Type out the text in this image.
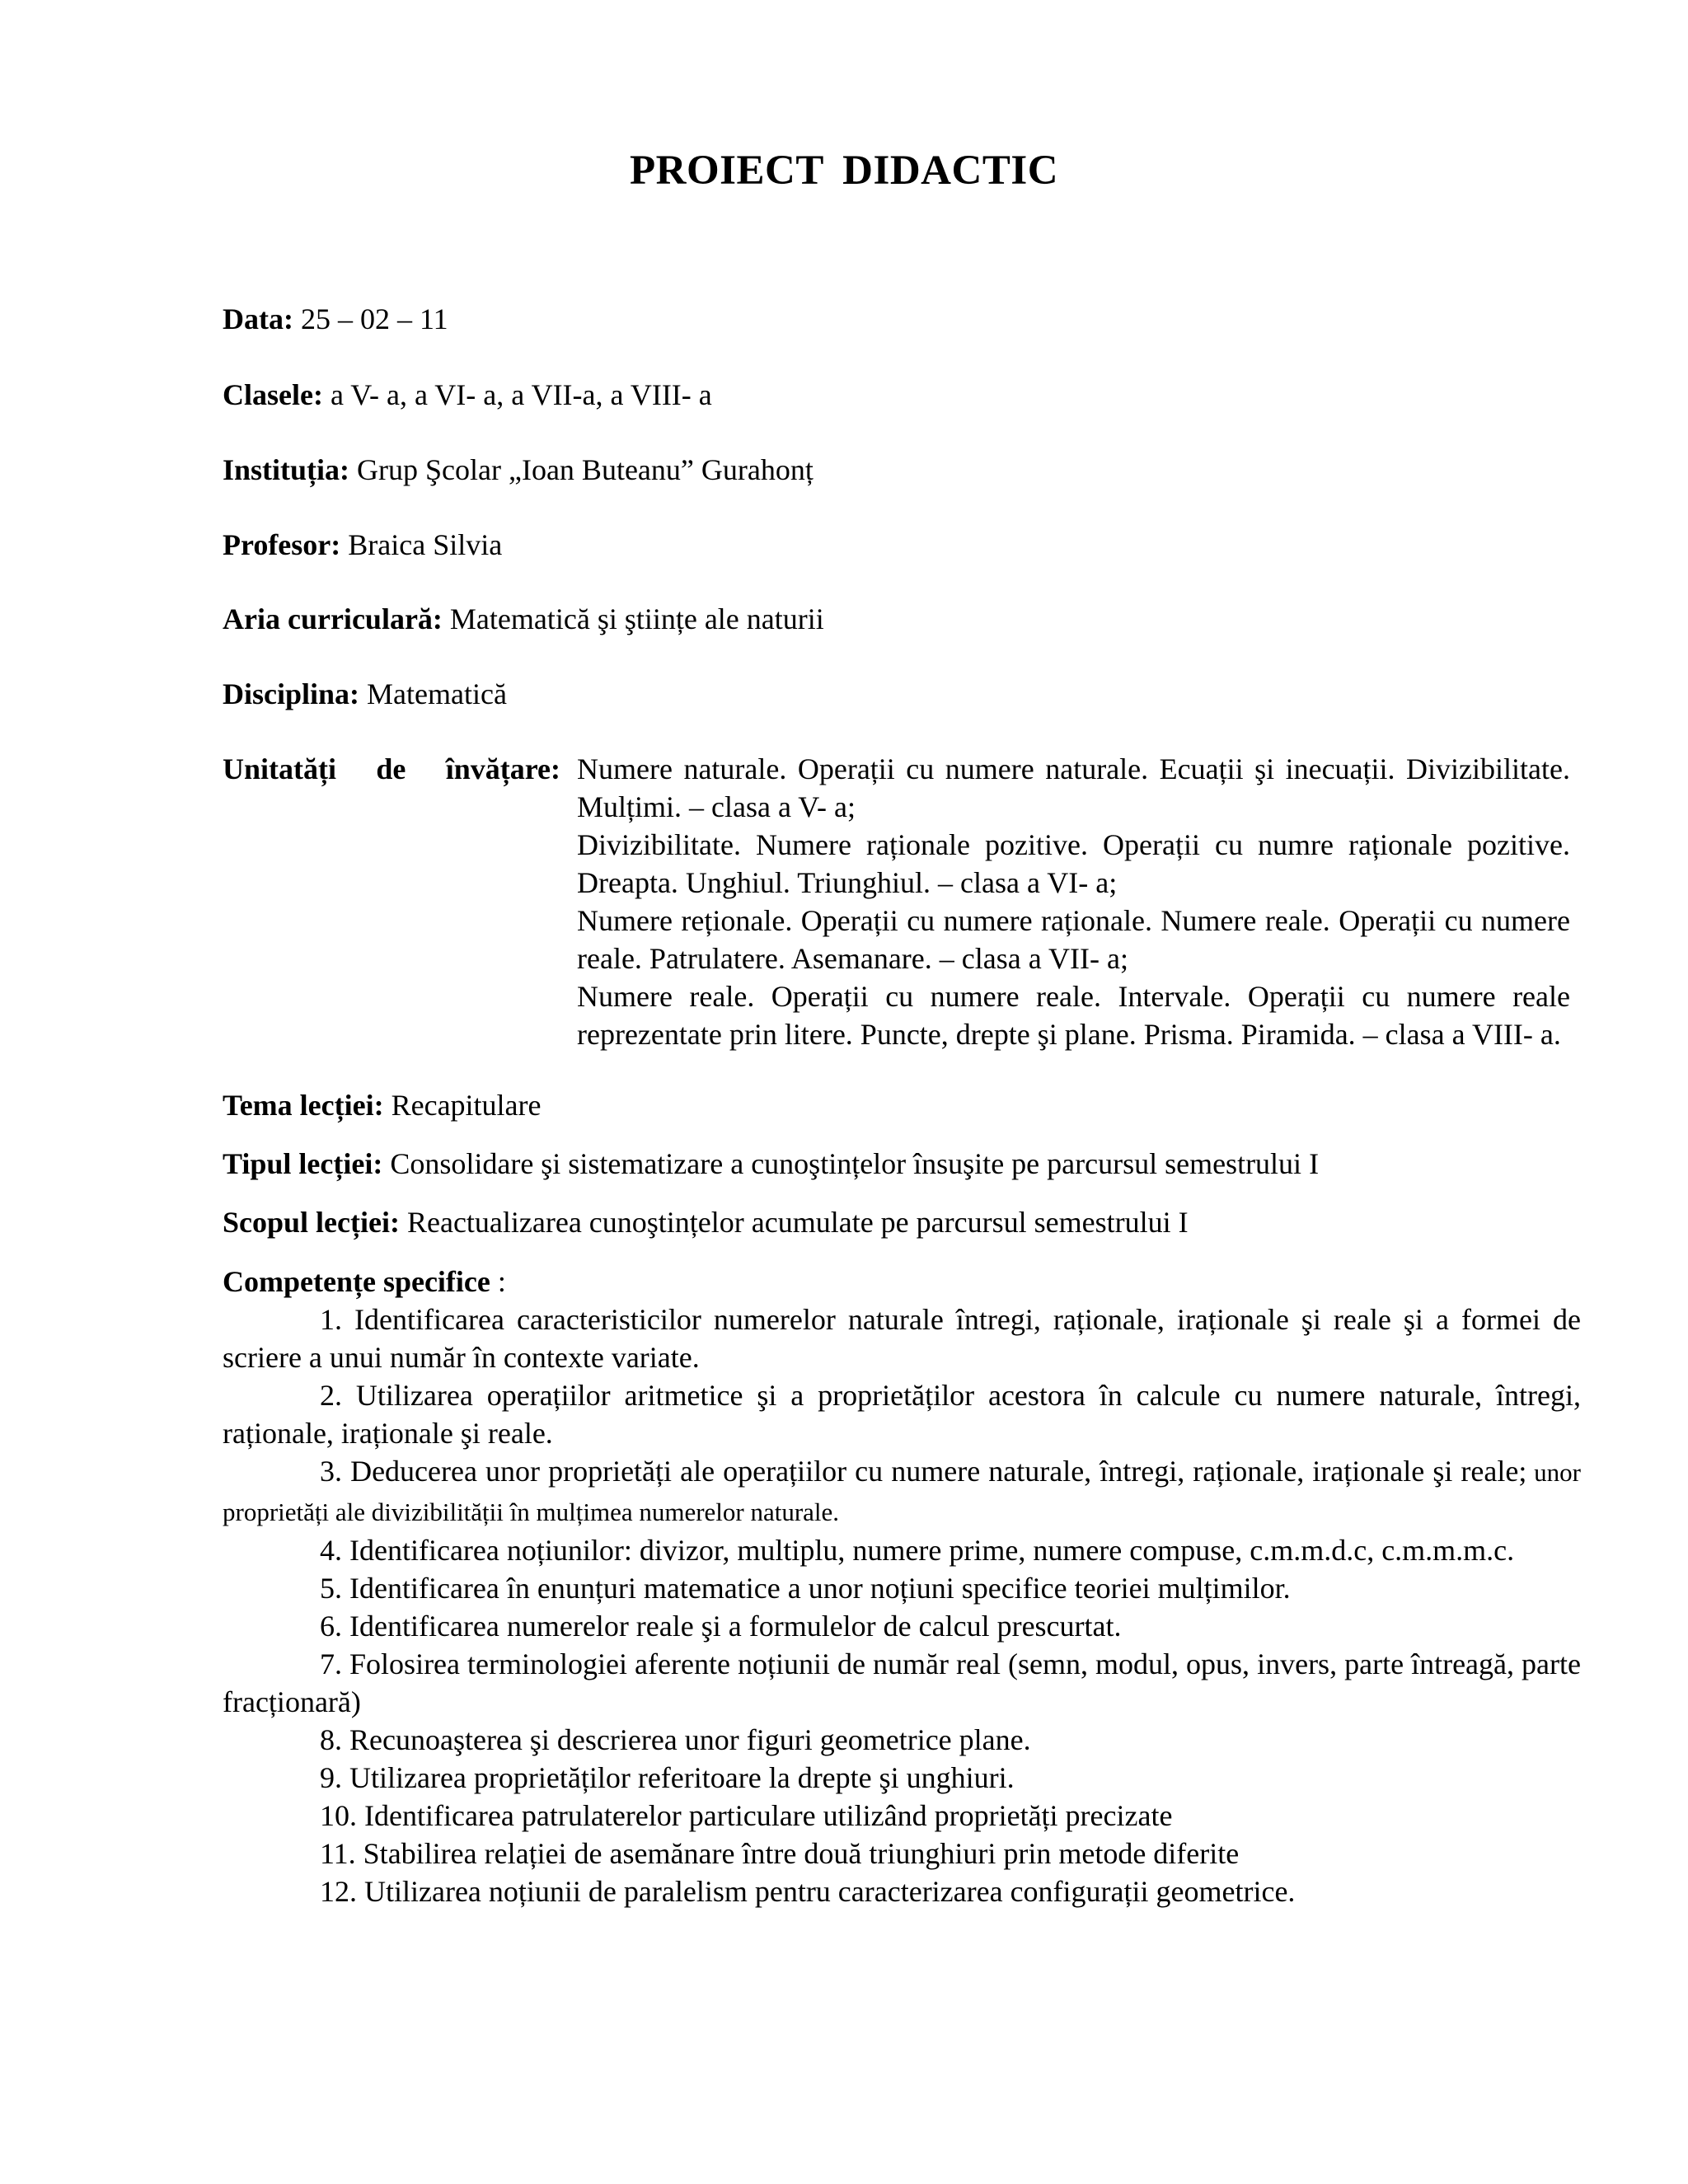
PROIECT DIDACTIC
Data: 25 – 02 – 11
Clasele: a V- a, a VI- a, a VII-a, a VIII- a
Instituția: Grup Şcolar „Ioan Buteanu” Gurahonț
Profesor: Braica Silvia
Aria curriculară: Matematică şi ştiințe ale naturii
Disciplina: Matematică
Unitatăți de învățare: Numere naturale. Operații cu numere naturale. Ecuații şi inecuații. Divizibilitate. Mulțimi. – clasa a V- a;

Divizibilitate. Numere raționale pozitive. Operații cu numre raționale pozitive. Dreapta. Unghiul. Triunghiul. – clasa a VI- a;

Numere reționale. Operații cu numere raționale. Numere reale. Operații cu numere reale. Patrulatere. Asemanare. – clasa a VII- a;

Numere reale. Operații cu numere reale. Intervale. Operații cu numere reale reprezentate prin litere. Puncte, drepte şi plane. Prisma. Piramida. – clasa a VIII- a.

Tema lecției: Recapitulare
Tipul lecției: Consolidare şi sistematizare a cunoştințelor însuşite pe parcursul semestrului I
Scopul lecției: Reactualizarea cunoştințelor acumulate pe parcursul semestrului I
Competențe specifice :

1. Identificarea caracteristicilor numerelor naturale întregi, raționale, iraționale şi reale şi a formei de scriere a unui număr în contexte variate.

2. Utilizarea operațiilor aritmetice şi a proprietăților acestora în calcule cu numere naturale, întregi, raționale, iraționale şi reale.

3. Deducerea unor proprietăți ale operațiilor cu numere naturale, întregi, raționale, iraționale şi reale; unor proprietăți ale divizibilității în mulțimea numerelor naturale.

4. Identificarea noțiunilor: divizor, multiplu, numere prime, numere compuse, c.m.m.d.c, c.m.m.m.c.

5. Identificarea în enunțuri matematice a unor noțiuni specifice teoriei mulțimilor.

6. Identificarea numerelor reale şi a formulelor de calcul prescurtat.

7. Folosirea terminologiei aferente noțiunii de număr real (semn, modul, opus, invers, parte întreagă, parte fracționară)

8. Recunoaşterea şi descrierea unor figuri geometrice plane.

9. Utilizarea proprietăților referitoare la drepte şi unghiuri.

10. Identificarea patrulaterelor particulare utilizând proprietăți precizate

11. Stabilirea relației de asemănare între două triunghiuri prin metode diferite

12. Utilizarea noțiunii de paralelism pentru caracterizarea configurații geometrice.
